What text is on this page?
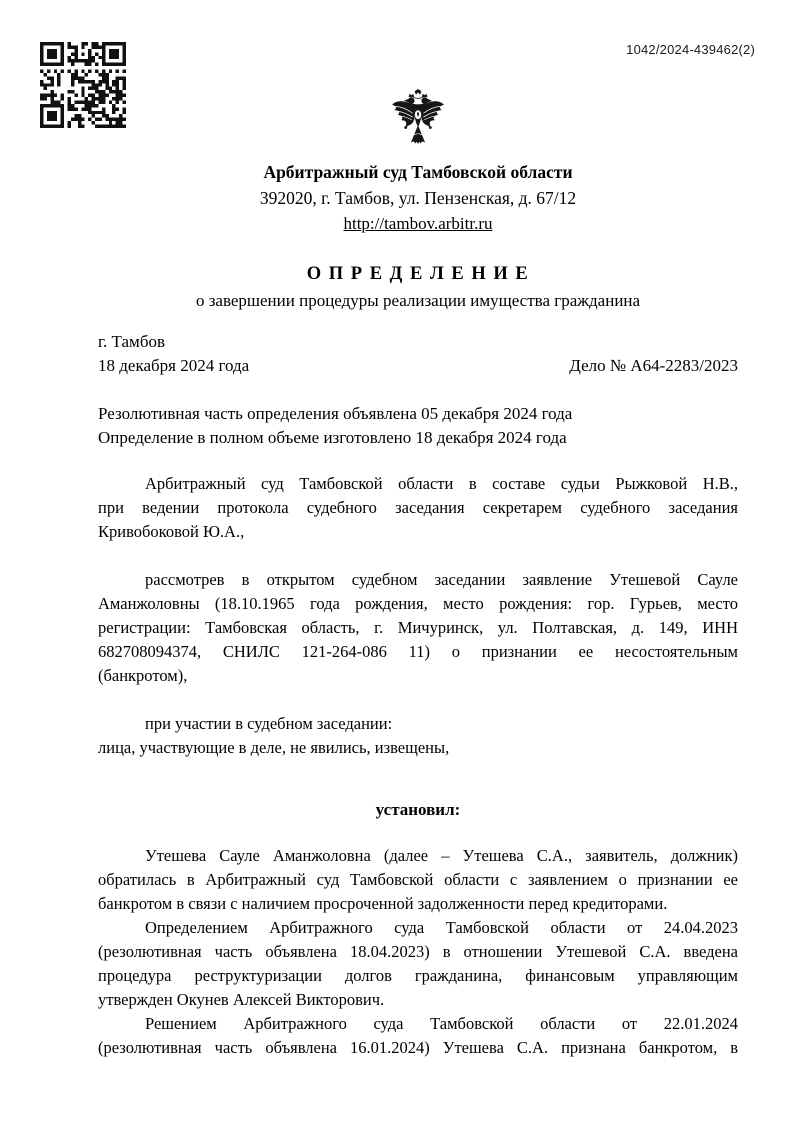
1042/2024-439462(2)
Арбитражный суд Тамбовской области
392020, г. Тамбов, ул. Пензенская, д. 67/12
http://tambov.arbitr.ru
О П Р Е Д Е Л Е Н И Е
о завершении процедуры реализации имущества гражданина
г. Тамбов
18 декабря 2024 года	Дело № А64-2283/2023
Резолютивная часть определения объявлена 05 декабря 2024 года
Определение в полном объеме изготовлено 18 декабря 2024 года
Арбитражный суд Тамбовской области в составе судьи Рыжковой Н.В.,
при ведении протокола судебного заседания секретарем судебного заседания
Кривобоковой Ю.А.,
рассмотрев в открытом судебном заседании заявление Утешевой Сауле
Аманжоловны (18.10.1965 года рождения, место рождения: гор. Гурьев, место
регистрации: Тамбовская область, г. Мичуринск, ул. Полтавская, д. 149, ИНН
682708094374, СНИЛС 121-264-086 11) о признании ее несостоятельным
(банкротом),
при участии в судебном заседании:
лица, участвующие в деле, не явились, извещены,
установил:
Утешева Сауле Аманжоловна (далее – Утешева С.А., заявитель, должник)
обратилась в Арбитражный суд Тамбовской области с заявлением о признании ее
банкротом в связи с наличием просроченной задолженности перед кредиторами.
Определением Арбитражного суда Тамбовской области от 24.04.2023
(резолютивная часть объявлена 18.04.2023) в отношении Утешевой С.А. введена
процедура реструктуризации долгов гражданина, финансовым управляющим
утвержден Окунев Алексей Викторович.
Решением Арбитражного суда Тамбовской области от 22.01.2024
(резолютивная часть объявлена 16.01.2024) Утешева С.А. признана банкротом, в
